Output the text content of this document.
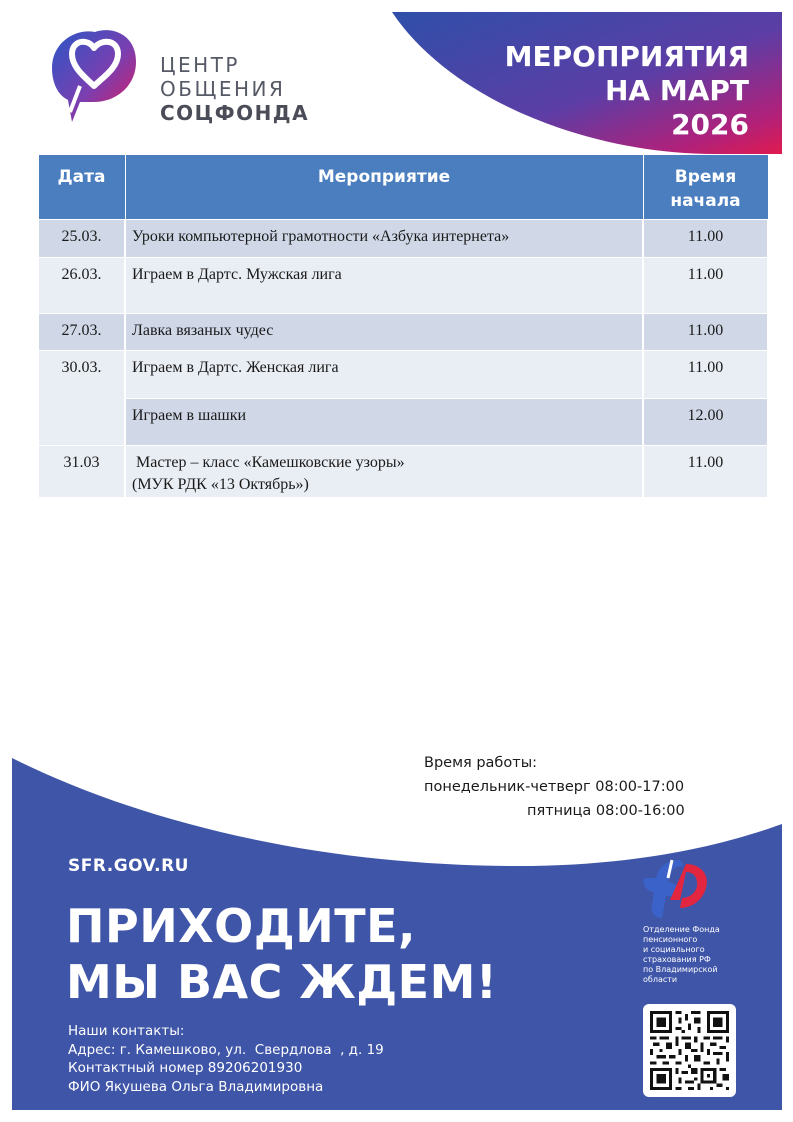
ЦЕНТР
ОБЩЕНИЯ
СОЦФОНДА
МЕРОПРИЯТИЯ
НА МАРТ
2026
Дата	Мероприятие	Время
начала

25.03.	Уроки компьютерной грамотности «Азбука интернета»	11.00
26.03.	Играем в Дартс. Мужская лига	11.00
27.03.	Лавка вязаных чудес	11.00
30.03.	Играем в Дартс. Женская лига	11.00
	Играем в шашки	12.00
31.03	Мастер – класс «Камешковские узоры»
(МУК РДК «13 Октябрь»)	11.00
Время работы:
понедельник-четверг 08:00-17:00
пятница 08:00-16:00
SFR.GOV.RU
ПРИХОДИТЕ,
МЫ ВАС ЖДЕМ!
Наши контакты:
Адрес: г. Камешково, ул.  Свердлова  , д. 19
Контактный номер 89206201930
ФИО Якушева Ольга Владимировна
Отделение Фонда
пенсионного
и социального
страхования РФ
по Владимирской
области
